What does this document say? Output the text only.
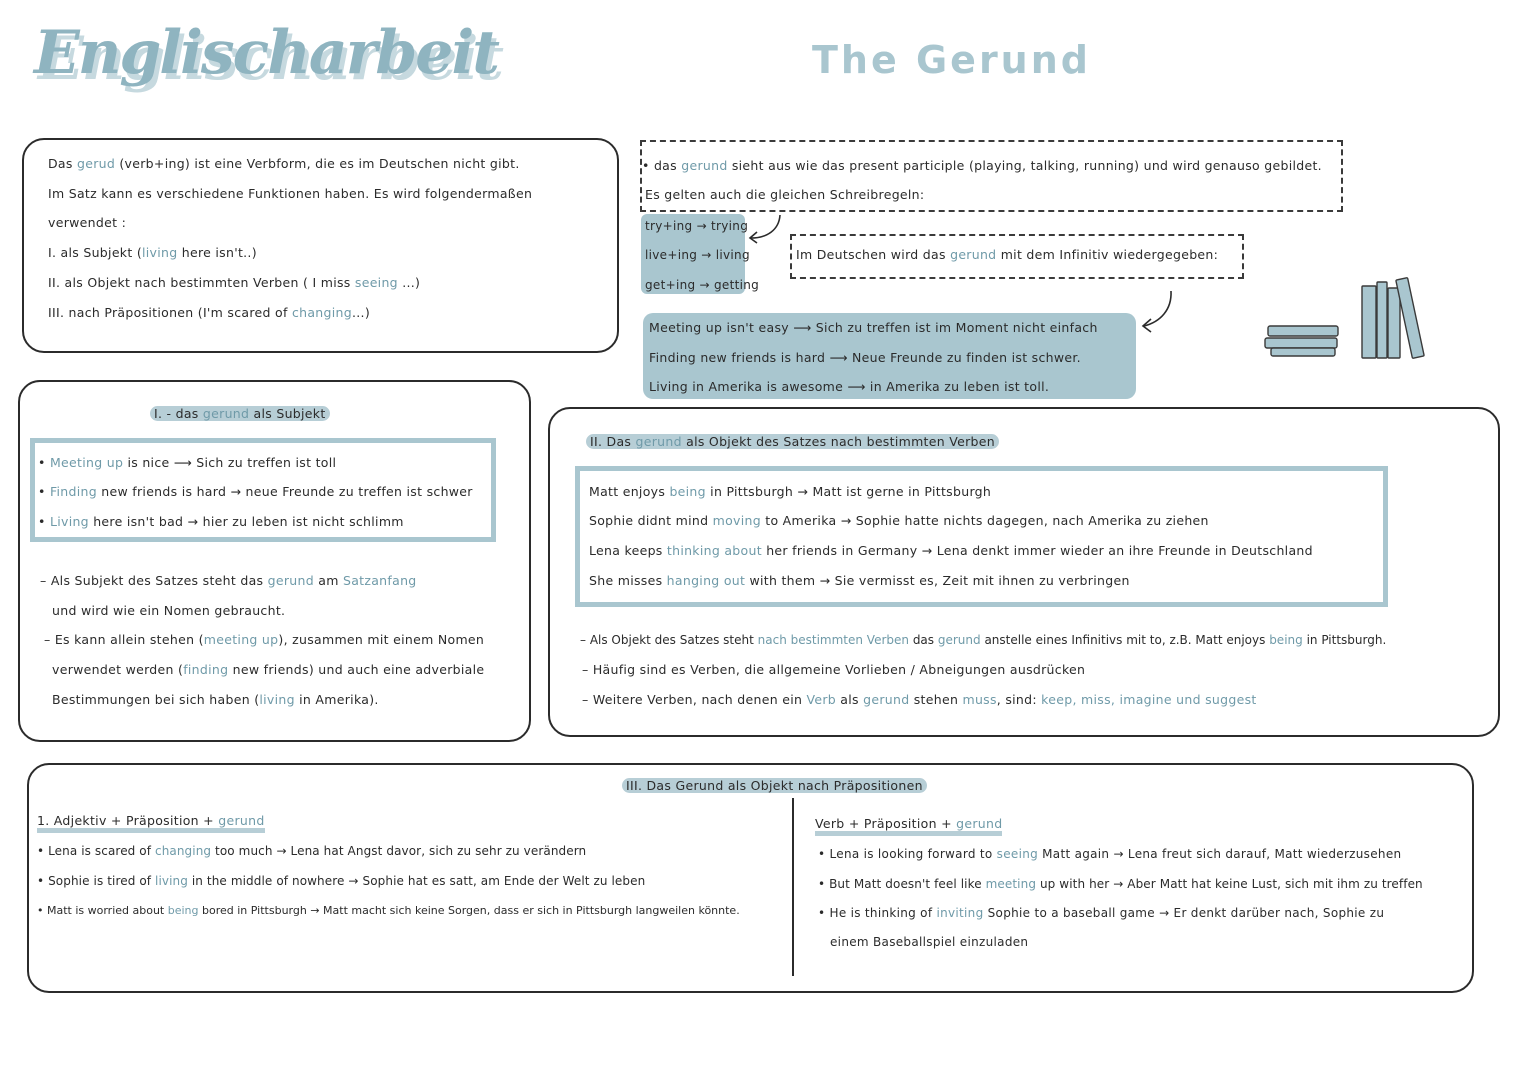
Englischarbeit	The Gerund
Das gerud (verb+ing) ist eine Verbform, die es im Deutschen nicht gibt.
Im Satz kann es verschiedene Funktionen haben. Es wird folgendermaßen
verwendet :
I. als Subjekt (living here isn't..)
II. als Objekt nach bestimmten Verben ( I miss seeing ...)
III. nach Präpositionen (I'm scared of changing...)
• das gerund sieht aus wie das present participle (playing, talking, running) und wird genauso gebildet.
Es gelten auch die gleichen Schreibregeln:
try+ing → trying
live+ing → living
get+ing → getting
Im Deutschen wird das gerund mit dem Infinitiv wiedergegeben:
Meeting up isn't easy ⟶ Sich zu treffen ist im Moment nicht einfach
Finding new friends is hard ⟶ Neue Freunde zu finden ist schwer.
Living in Amerika is awesome ⟶ in Amerika zu leben ist toll.
I. - das gerund als Subjekt
• Meeting up is nice ⟶ Sich zu treffen ist toll
• Finding new friends is hard → neue Freunde zu treffen ist schwer
• Living here isn't bad → hier zu leben ist nicht schlimm
– Als Subjekt des Satzes steht das gerund am Satzanfang
und wird wie ein Nomen gebraucht.
– Es kann allein stehen (meeting up), zusammen mit einem Nomen
verwendet werden (finding new friends) und auch eine adverbiale
Bestimmungen bei sich haben (living in Amerika).
II. Das gerund als Objekt des Satzes nach bestimmten Verben
Matt enjoys being in Pittsburgh → Matt ist gerne in Pittsburgh
Sophie didnt mind moving to Amerika → Sophie hatte nichts dagegen, nach Amerika zu ziehen
Lena keeps thinking about her friends in Germany → Lena denkt immer wieder an ihre Freunde in Deutschland
She misses hanging out with them → Sie vermisst es, Zeit mit ihnen zu verbringen
– Als Objekt des Satzes steht nach bestimmten Verben das gerund anstelle eines Infinitivs mit to, z.B. Matt enjoys being in Pittsburgh.
– Häufig sind es Verben, die allgemeine Vorlieben / Abneigungen ausdrücken
– Weitere Verben, nach denen ein Verb als gerund stehen muss, sind: keep, miss, imagine und suggest
III. Das Gerund als Objekt nach Präpositionen
1. Adjektiv + Präposition + gerund
• Lena is scared of changing too much → Lena hat Angst davor, sich zu sehr zu verändern
• Sophie is tired of living in the middle of nowhere → Sophie hat es satt, am Ende der Welt zu leben
• Matt is worried about being bored in Pittsburgh → Matt macht sich keine Sorgen, dass er sich in Pittsburgh langweilen könnte.
Verb + Präposition + gerund
• Lena is looking forward to seeing Matt again → Lena freut sich darauf, Matt wiederzusehen
• But Matt doesn't feel like meeting up with her → Aber Matt hat keine Lust, sich mit ihm zu treffen
• He is thinking of inviting Sophie to a baseball game → Er denkt darüber nach, Sophie zu
einem Baseballspiel einzuladen
